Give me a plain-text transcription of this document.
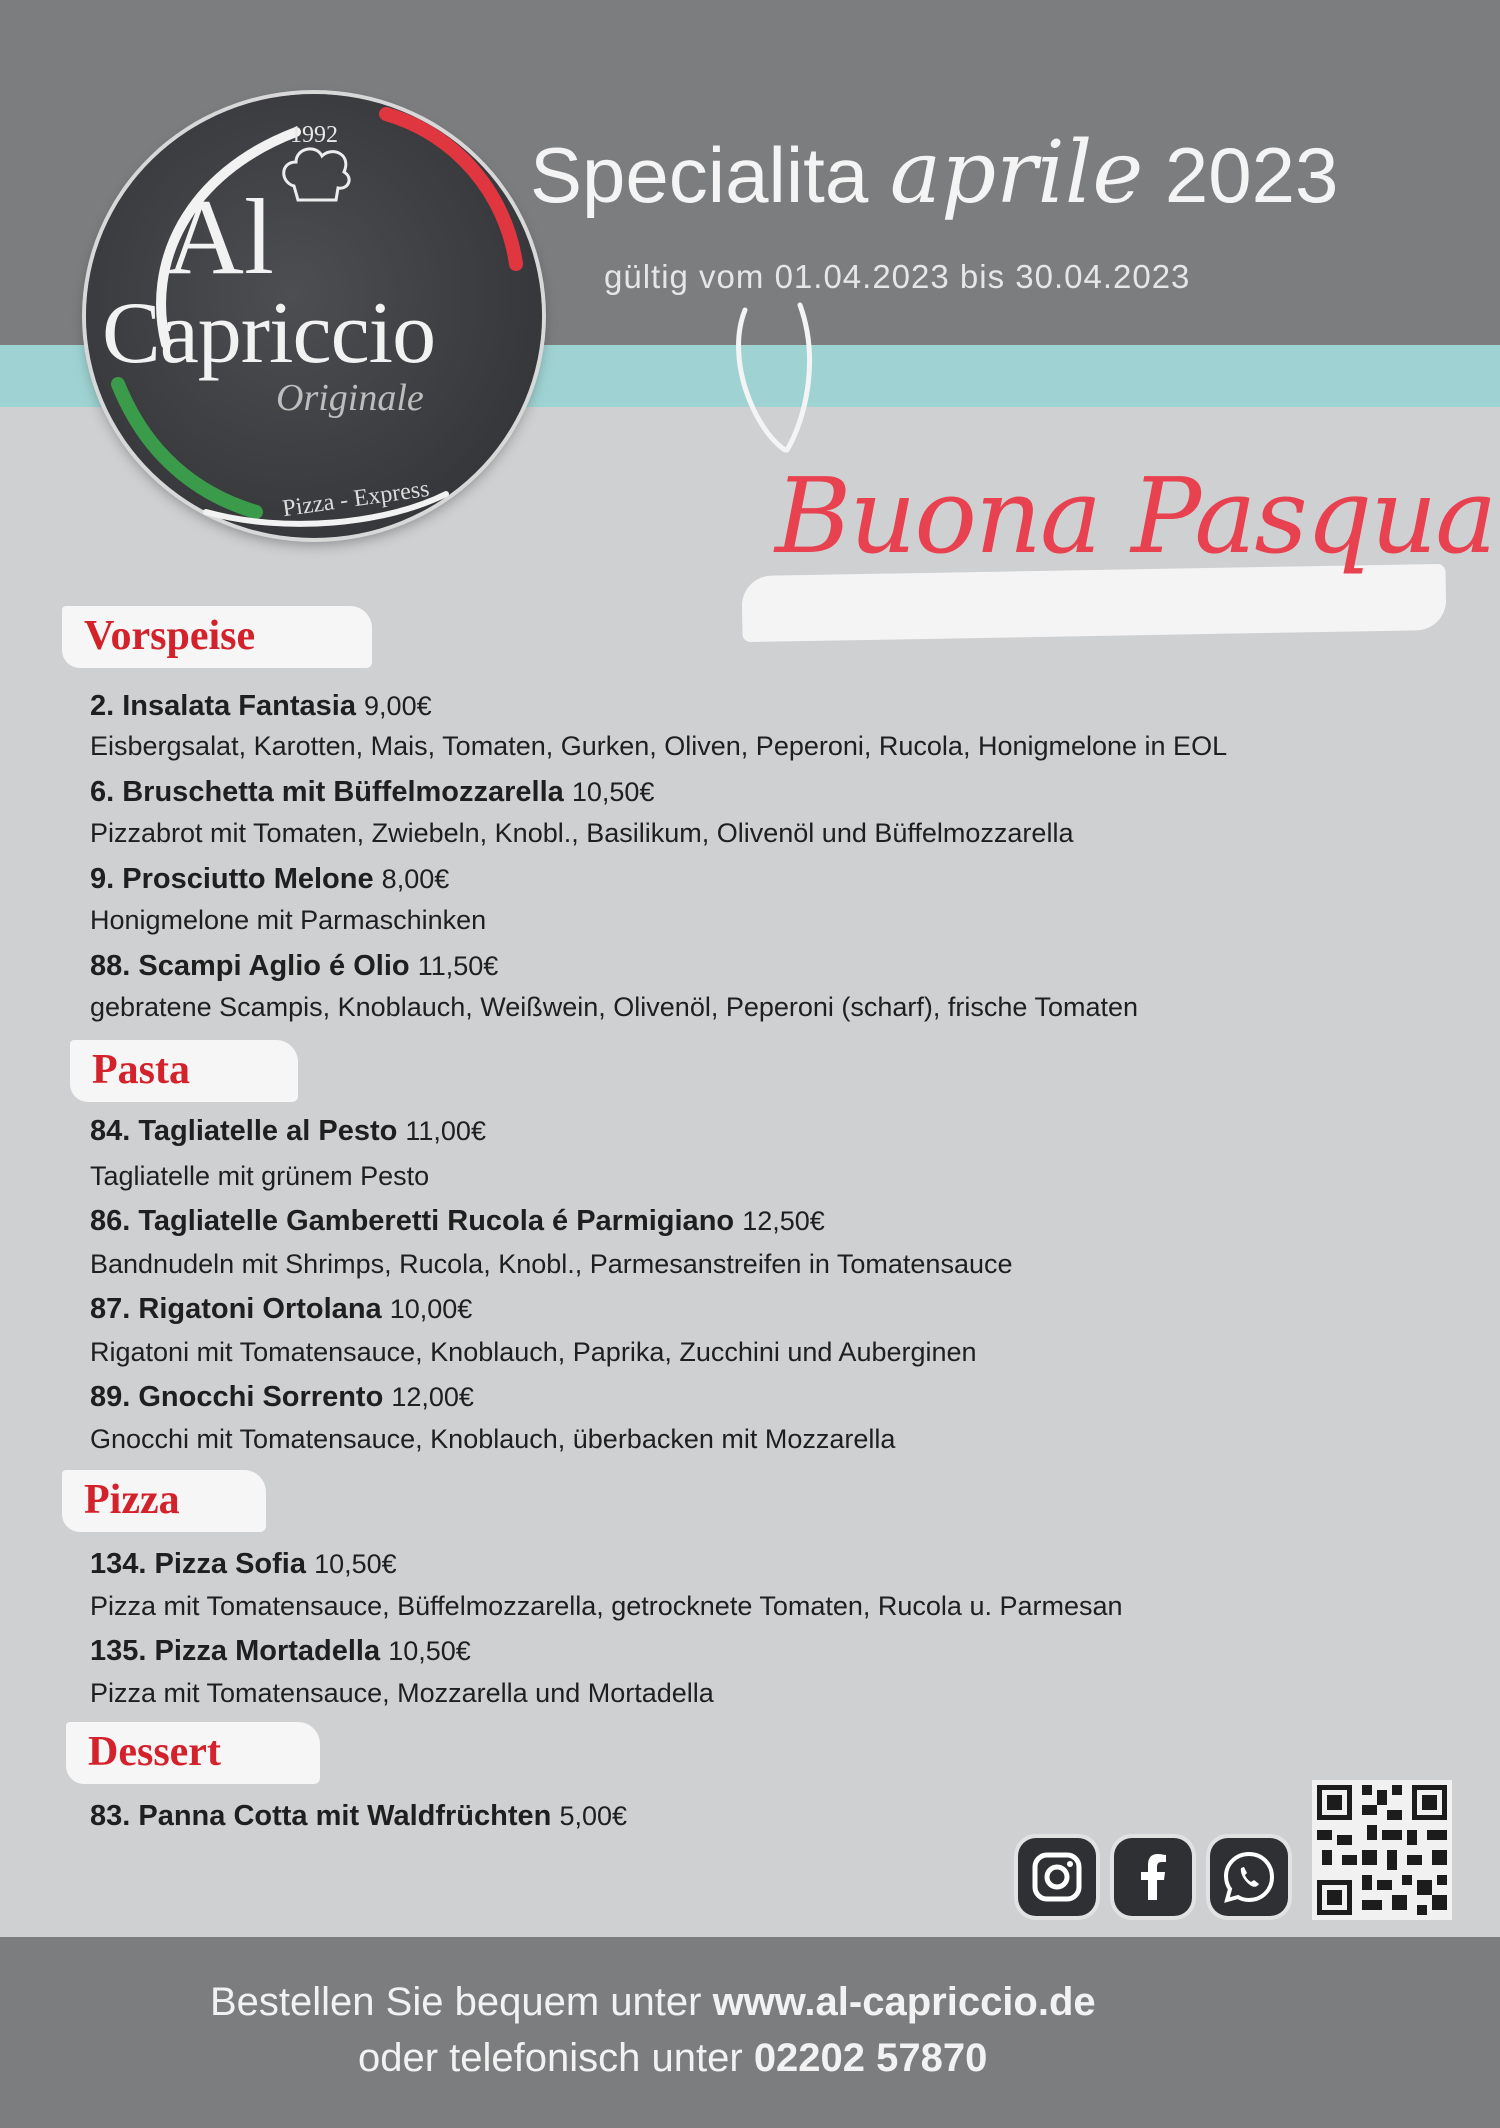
1992
Al
Capriccio
Originale
Pizza - Express
Specialita aprile 2023
gültig vom 01.04.2023 bis 30.04.2023
Buona Pasqua
Vorspeise
2. Insalata Fantasia 9,00€
Eisbergsalat, Karotten, Mais, Tomaten, Gurken, Oliven, Peperoni, Rucola, Honigmelone in EOL
6. Bruschetta mit Büffelmozzarella 10,50€
Pizzabrot mit Tomaten, Zwiebeln, Knobl., Basilikum, Olivenöl und Büffelmozzarella
9. Prosciutto Melone 8,00€
Honigmelone mit Parmaschinken
88. Scampi Aglio é Olio 11,50€
gebratene Scampis, Knoblauch, Weißwein, Olivenöl, Peperoni (scharf), frische Tomaten
Pasta
84. Tagliatelle al Pesto 11,00€
Tagliatelle mit grünem Pesto
86. Tagliatelle Gamberetti Rucola é Parmigiano 12,50€
Bandnudeln mit Shrimps, Rucola, Knobl., Parmesanstreifen in Tomatensauce
87. Rigatoni Ortolana 10,00€
Rigatoni mit Tomatensauce, Knoblauch, Paprika, Zucchini und Auberginen
89. Gnocchi Sorrento 12,00€
Gnocchi mit Tomatensauce, Knoblauch, überbacken mit Mozzarella
Pizza
134. Pizza Sofia 10,50€
Pizza mit Tomatensauce, Büffelmozzarella, getrocknete Tomaten, Rucola u. Parmesan
135. Pizza Mortadella 10,50€
Pizza mit Tomatensauce, Mozzarella und Mortadella
Dessert
83. Panna Cotta mit Waldfrüchten 5,00€
Bestellen Sie bequem unter www.al-capriccio.de
oder telefonisch unter 02202 57870
